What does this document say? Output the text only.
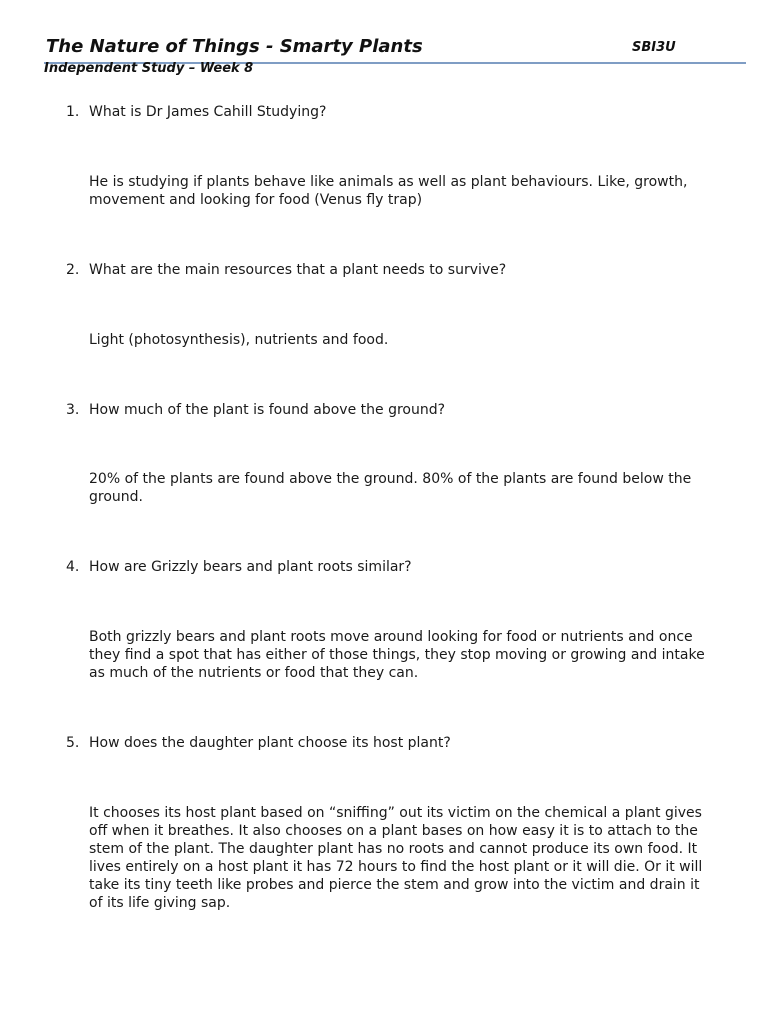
The Nature of Things - Smarty Plants	SBI3U
Independent Study – Week 8
1. What is Dr James Cahill Studying?
He is studying if plants behave like animals as well as plant behaviours. Like, growth, movement and looking for food (Venus fly trap)
2. What are the main resources that a plant needs to survive?
Light (photosynthesis), nutrients and food.
3. How much of the plant is found above the ground?
20% of the plants are found above the ground. 80% of the plants are found below the ground.
4. How are Grizzly bears and plant roots similar?
Both grizzly bears and plant roots move around looking for food or nutrients and once they find a spot that has either of those things, they stop moving or growing and intake as much of the nutrients or food that they can.
5. How does the daughter plant choose its host plant?
It chooses its host plant based on “sniffing” out its victim on the chemical a plant gives off when it breathes. It also chooses on a plant bases on how easy it is to attach to the stem of the plant. The daughter plant has no roots and cannot produce its own food. It lives entirely on a host plant it has 72 hours to find the host plant or it will die. Or it will take its tiny teeth like probes and pierce the stem and grow into the victim and drain it of its life giving sap.
